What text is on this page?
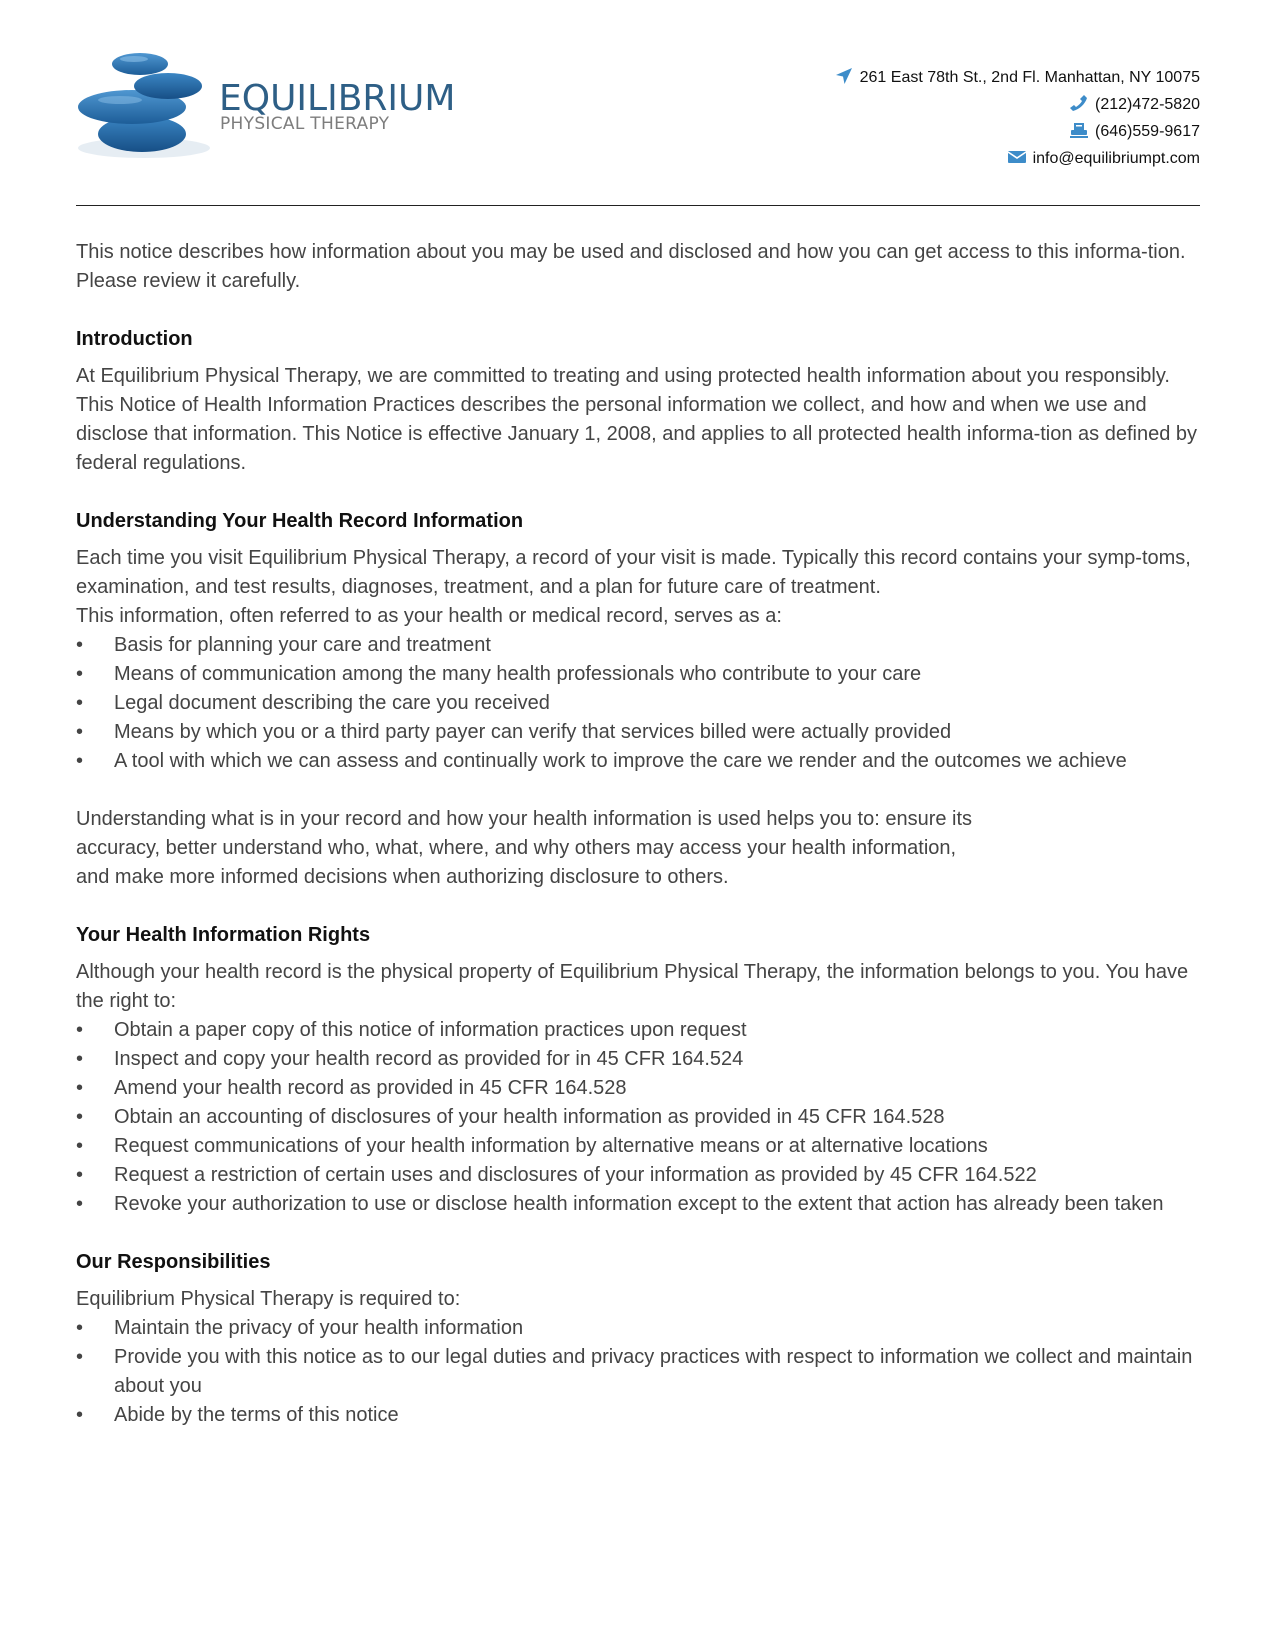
EQUILIBRIUM
PHYSICAL THERAPY
261 East 78th St., 2nd Fl. Manhattan, NY 10075
(212)472-5820
(646)559-9617
info@equilibriumpt.com

This notice describes how information about you may be used and disclosed and how you can get access to this informa-tion. Please review it carefully.

Introduction

At Equilibrium Physical Therapy, we are committed to treating and using protected health information about you responsibly. This Notice of Health Information Practices describes the personal information we collect, and how and when we use and disclose that information. This Notice is effective January 1, 2008, and applies to all protected health informa-tion as defined by federal regulations.

Understanding Your Health Record Information

Each time you visit Equilibrium Physical Therapy, a record of your visit is made. Typically this record contains your symp-toms, examination, and test results, diagnoses, treatment, and a plan for future care of treatment.

This information, often referred to as your health or medical record, serves as a:

• Basis for planning your care and treatment
• Means of communication among the many health professionals who contribute to your care
• Legal document describing the care you received
• Means by which you or a third party payer can verify that services billed were actually provided
• A tool with which we can assess and continually work to improve the care we render and the outcomes we achieve
Understanding what is in your record and how your health information is used helps you to: ensure its
accuracy, better understand who, what, where, and why others may access your health information,
and make more informed decisions when authorizing disclosure to others.
Your Health Information Rights

Although your health record is the physical property of Equilibrium Physical Therapy, the information belongs to you. You have the right to:

• Obtain a paper copy of this notice of information practices upon request
• Inspect and copy your health record as provided for in 45 CFR 164.524
• Amend your health record as provided in 45 CFR 164.528
• Obtain an accounting of disclosures of your health information as provided in 45 CFR 164.528
• Request communications of your health information by alternative means or at alternative locations
• Request a restriction of certain uses and disclosures of your information as provided by 45 CFR 164.522
• Revoke your authorization to use or disclose health information except to the extent that action has already been taken
Our Responsibilities

Equilibrium Physical Therapy is required to:

• Maintain the privacy of your health information
• Provide you with this notice as to our legal duties and privacy practices with respect to information we collect and maintain about you
• Abide by the terms of this notice
